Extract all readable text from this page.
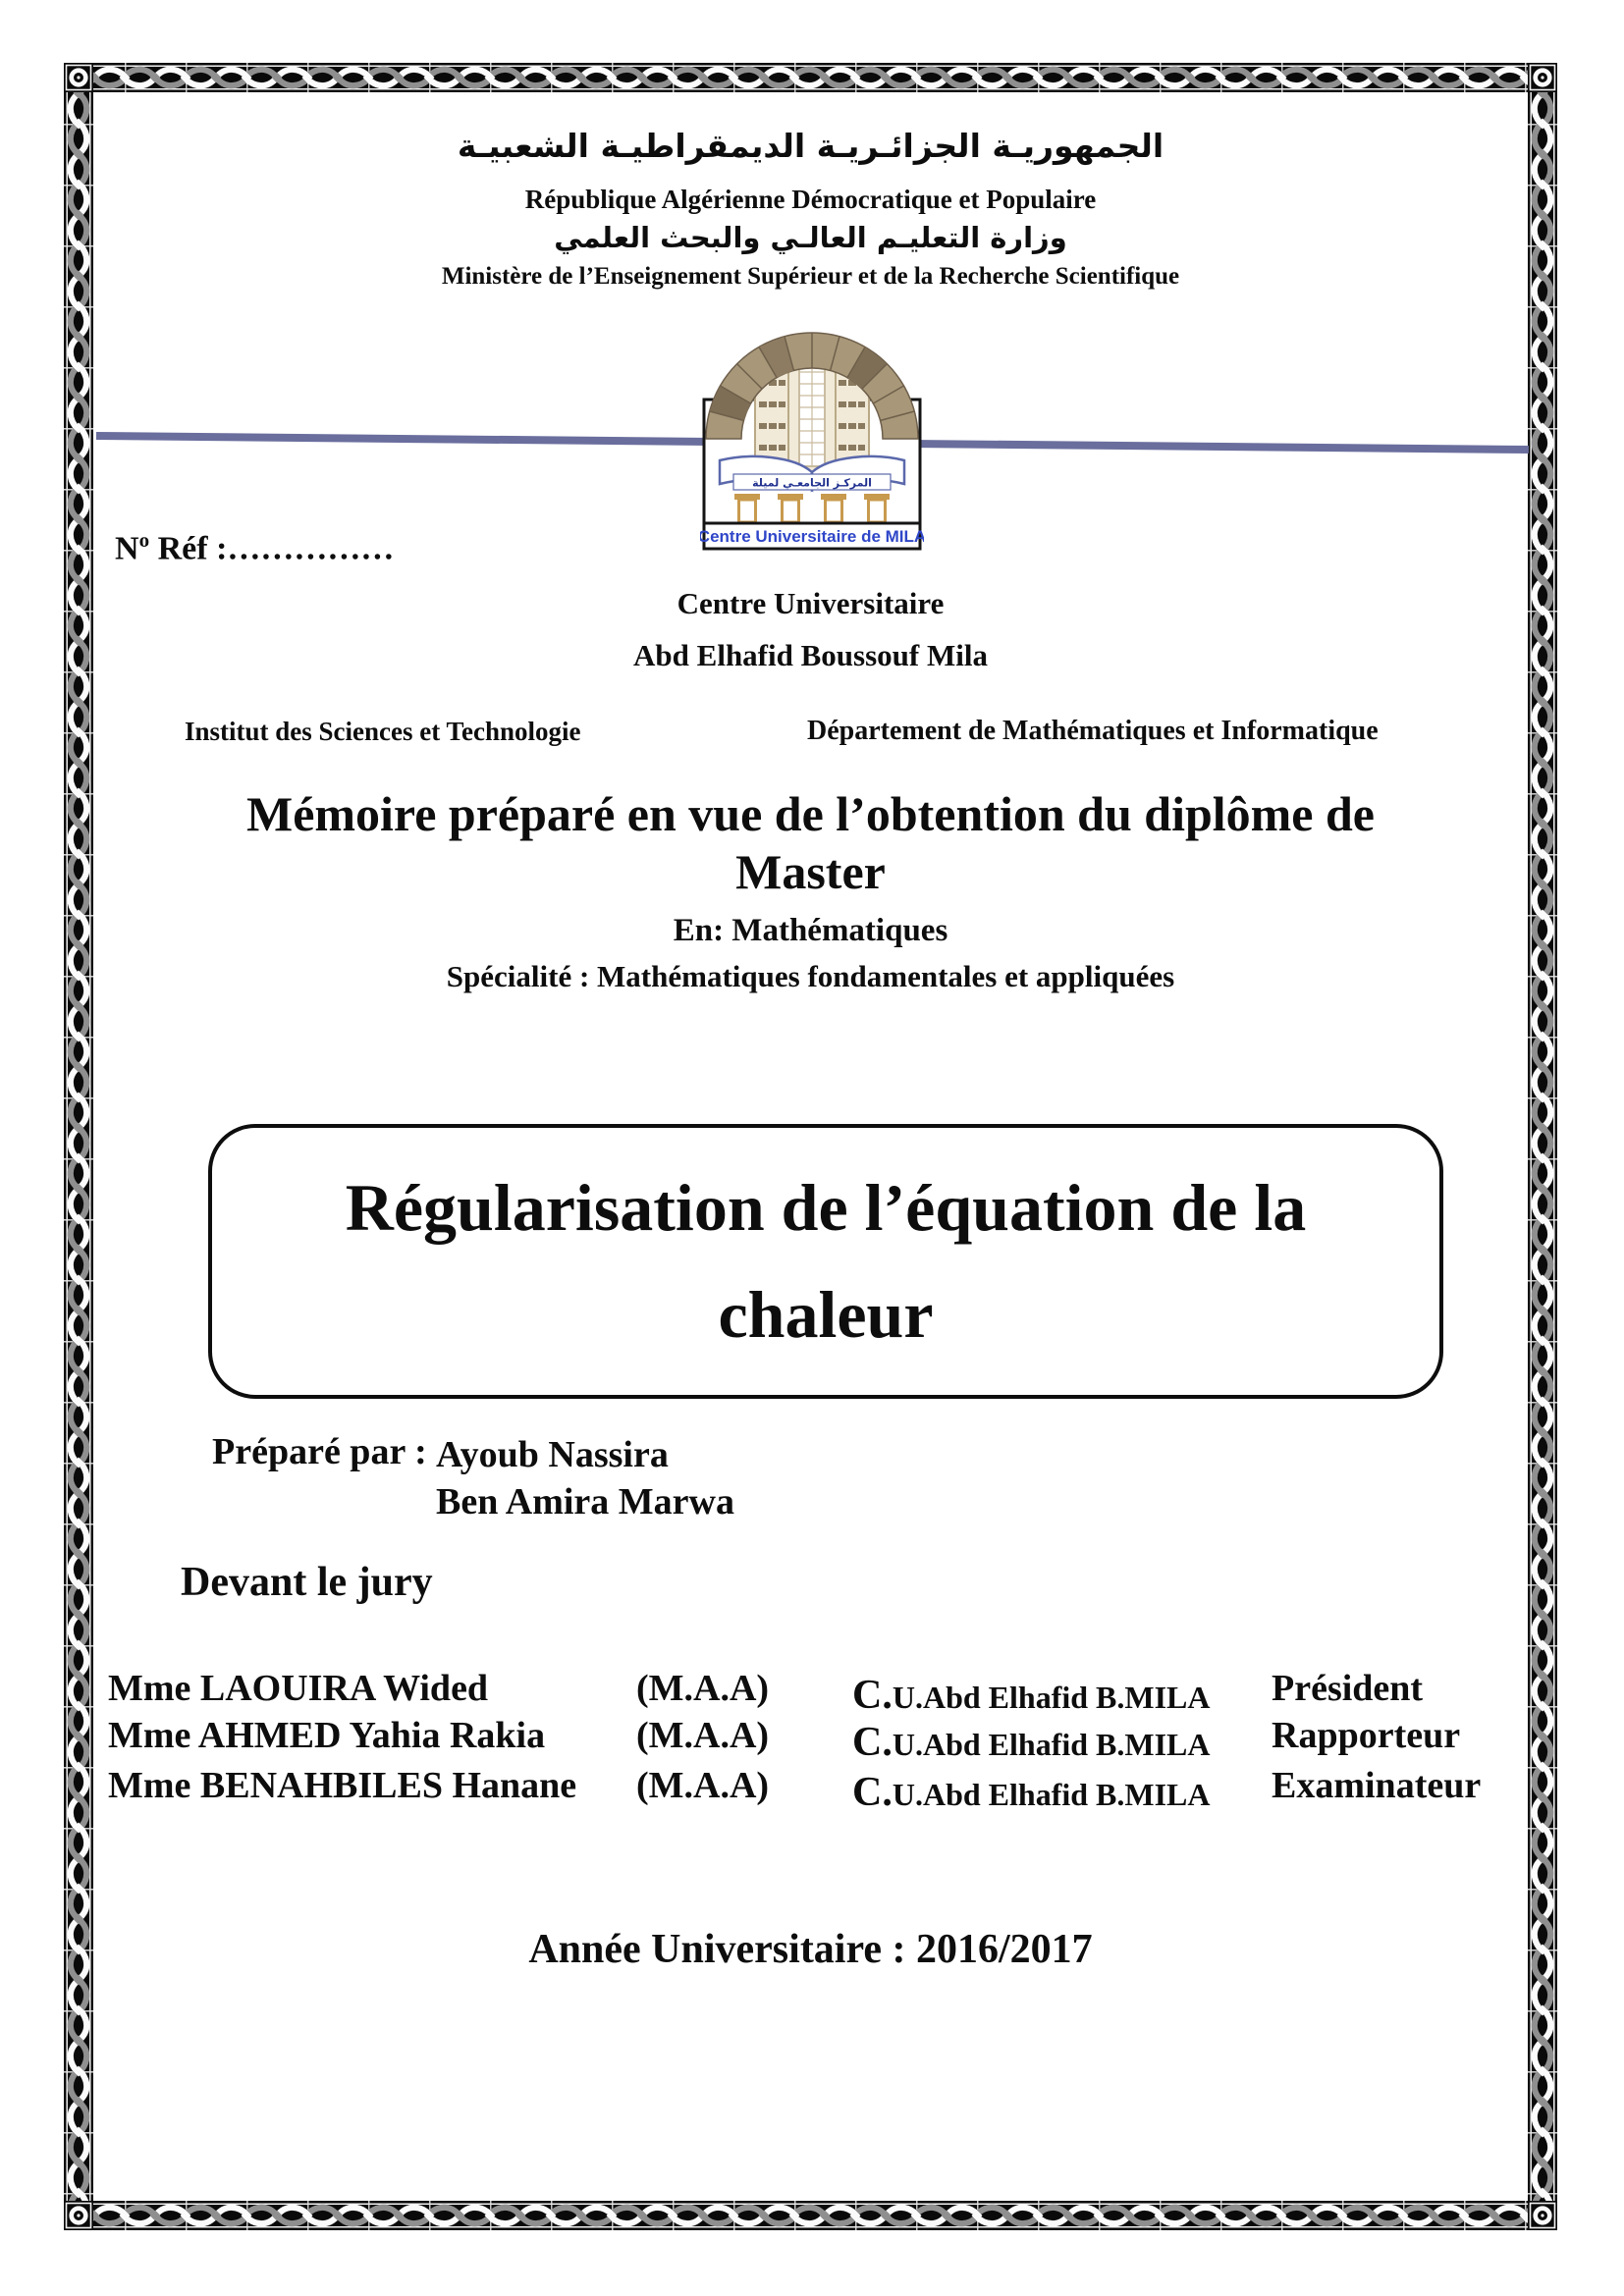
الجمهوريـة الجزائـريـة الديمقراطيـة الشعبيـة
République Algérienne Démocratique et Populaire
وزارة التعليـم العالـي والبحث العلمي
Ministère de l’Enseignement Supérieur et de la Recherche Scientifique
المركـز الجامعـي لميلة
Centre Universitaire de MILA
$N^o$ Réf :……………
Centre Universitaire
Abd Elhafid Boussouf Mila
Institut des Sciences et Technologie	Département de Mathématiques et Informatique
Mémoire préparé en vue de l’obtention du diplôme de
Master
En: Mathématiques
Spécialité : Mathématiques fondamentales et appliquées
Régularisation de l’équation de la
chaleur
Préparé par : Ayoub Nassira
Ben Amira Marwa
Devant le jury
Mme LAOUIRA Wided	(M.A.A)	C.U.Abd Elhafid B.MILA Président
Mme AHMED Yahia Rakia (M.A.A)	C.U.Abd Elhafid B.MILA Rapporteur
Mme BENAHBILES Hanane (M.A.A)	C.U.Abd Elhafid B.MILA Examinateur
Année Universitaire : 2016/2017
